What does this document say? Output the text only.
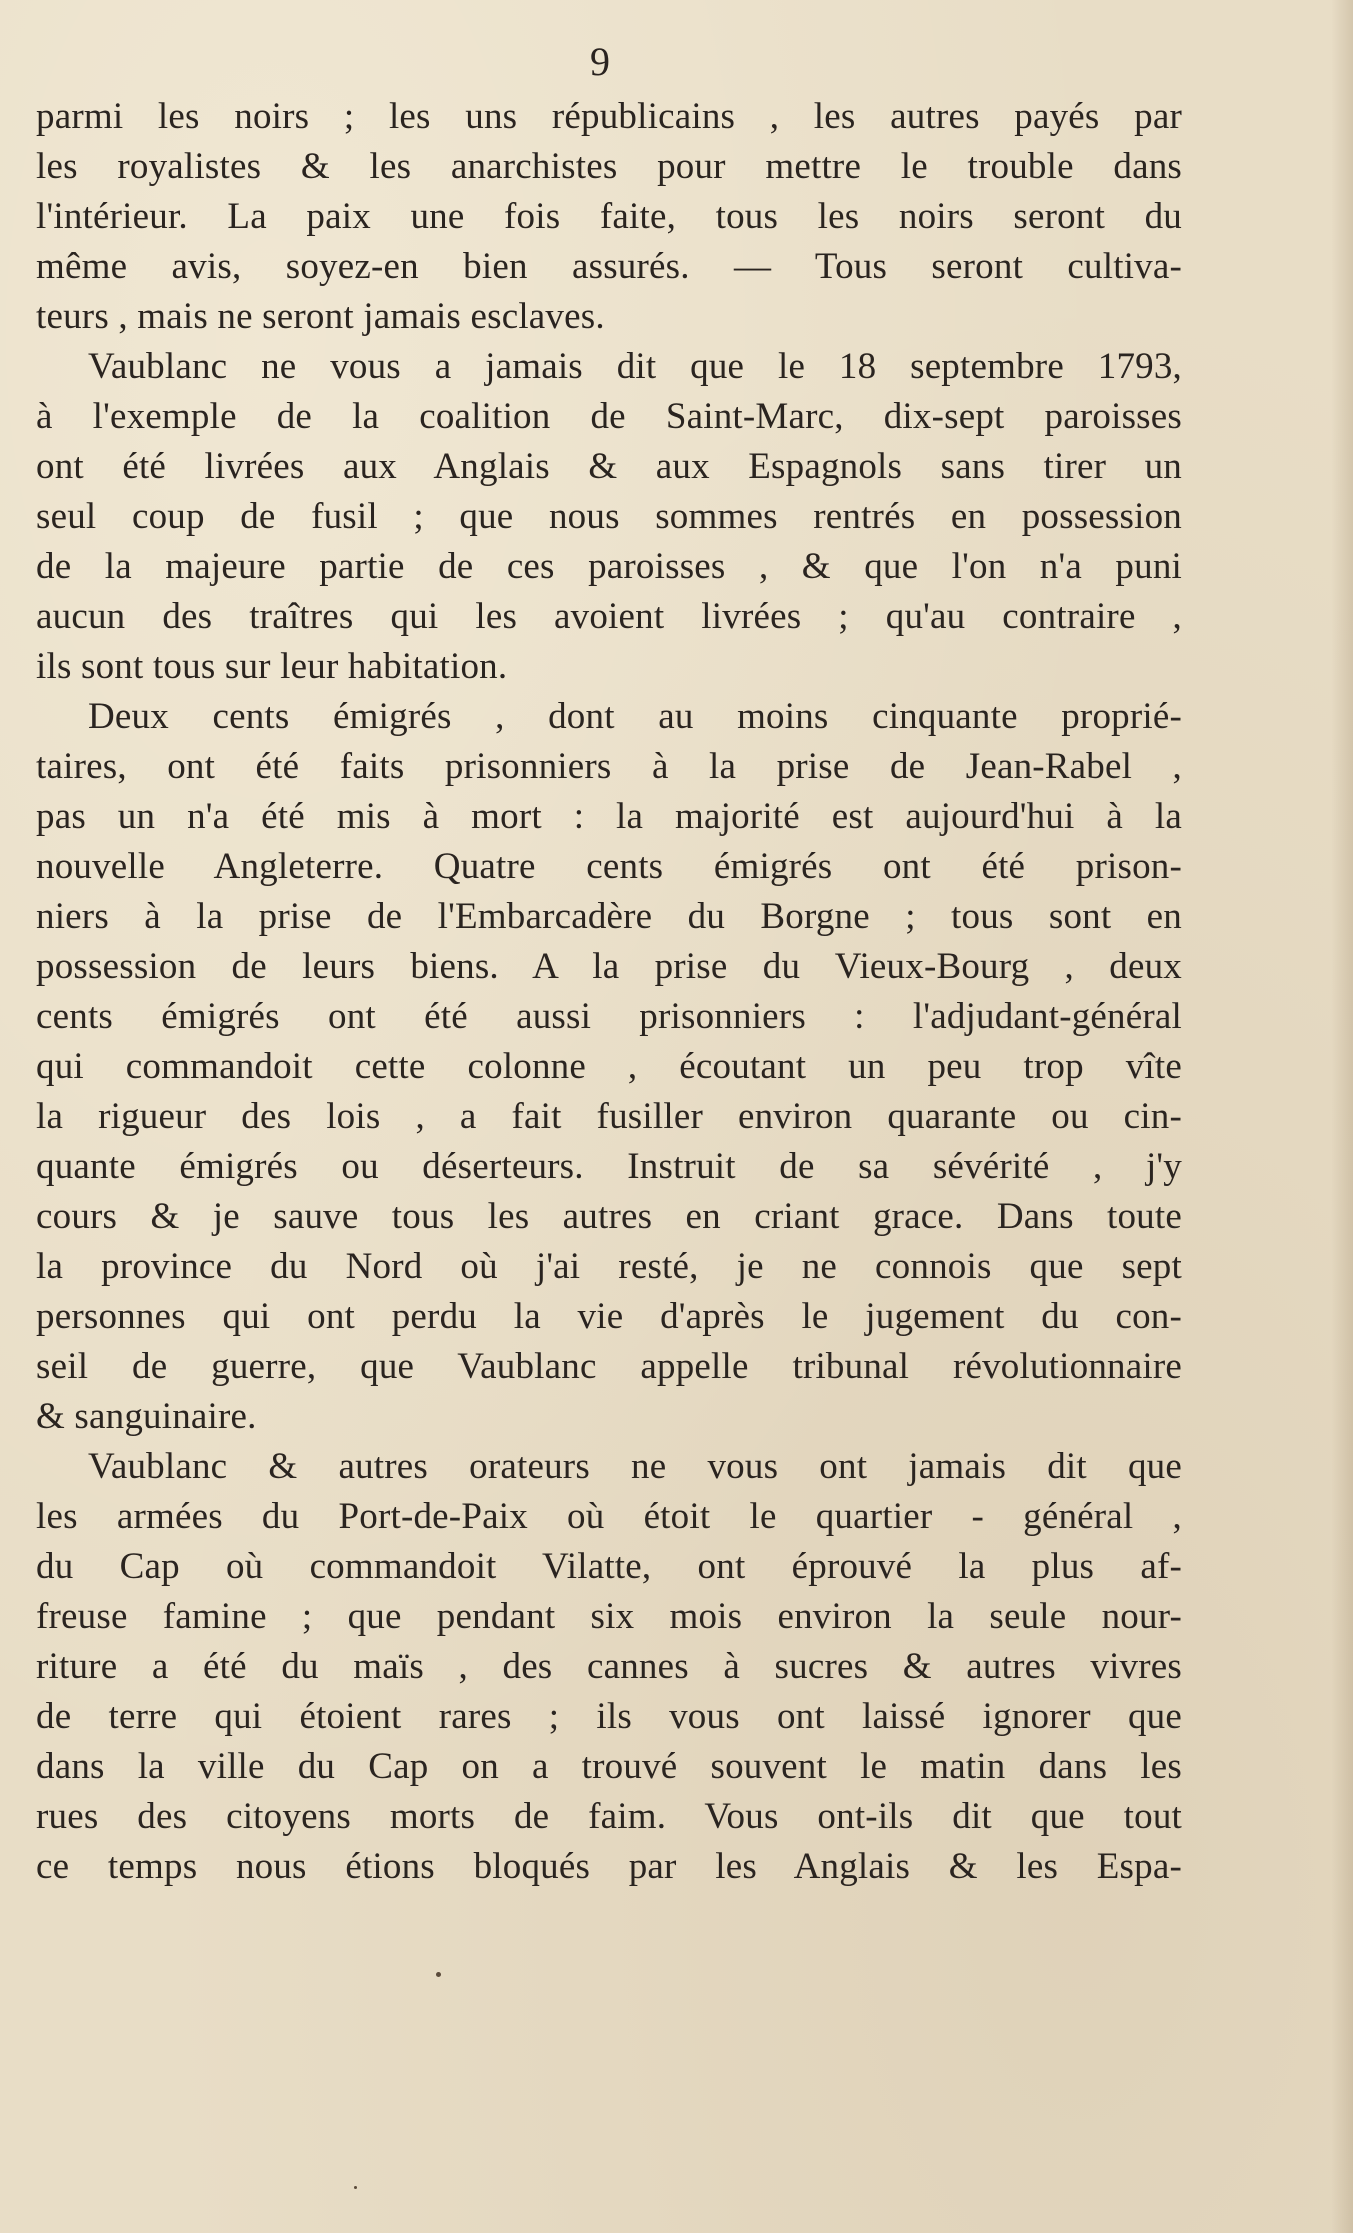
9
parmi les noirs ; les uns républicains , les autres payés par
les royalistes & les anarchistes pour mettre le trouble dans
l'intérieur. La paix une fois faite, tous les noirs seront du
même avis, soyez-en bien assurés. — Tous seront cultiva-
teurs , mais ne seront jamais esclaves.
Vaublanc ne vous a jamais dit que le 18 septembre 1793,
à l'exemple de la coalition de Saint-Marc, dix-sept paroisses
ont été livrées aux Anglais & aux Espagnols sans tirer un
seul coup de fusil ; que nous sommes rentrés en possession
de la majeure partie de ces paroisses , & que l'on n'a puni
aucun des traîtres qui les avoient livrées ; qu'au contraire ,
ils sont tous sur leur habitation.
Deux cents émigrés , dont au moins cinquante proprié-
taires, ont été faits prisonniers à la prise de Jean-Rabel ,
pas un n'a été mis à mort : la majorité est aujourd'hui à la
nouvelle Angleterre. Quatre cents émigrés ont été prison-
niers à la prise de l'Embarcadère du Borgne ; tous sont en
possession de leurs biens. A la prise du Vieux-Bourg , deux
cents émigrés ont été aussi prisonniers : l'adjudant-général
qui commandoit cette colonne , écoutant un peu trop vîte
la rigueur des lois , a fait fusiller environ quarante ou cin-
quante émigrés ou déserteurs. Instruit de sa sévérité , j'y
cours & je sauve tous les autres en criant grace. Dans toute
la province du Nord où j'ai resté, je ne connois que sept
personnes qui ont perdu la vie d'après le jugement du con-
seil de guerre, que Vaublanc appelle tribunal révolutionnaire
& sanguinaire.
Vaublanc & autres orateurs ne vous ont jamais dit que
les armées du Port-de-Paix où étoit le quartier - général ,
du Cap où commandoit Vilatte, ont éprouvé la plus af-
freuse famine ; que pendant six mois environ la seule nour-
riture a été du maïs , des cannes à sucres & autres vivres
de terre qui étoient rares ; ils vous ont laissé ignorer que
dans la ville du Cap on a trouvé souvent le matin dans les
rues des citoyens morts de faim. Vous ont-ils dit que tout
ce temps nous étions bloqués par les Anglais & les Espa-
